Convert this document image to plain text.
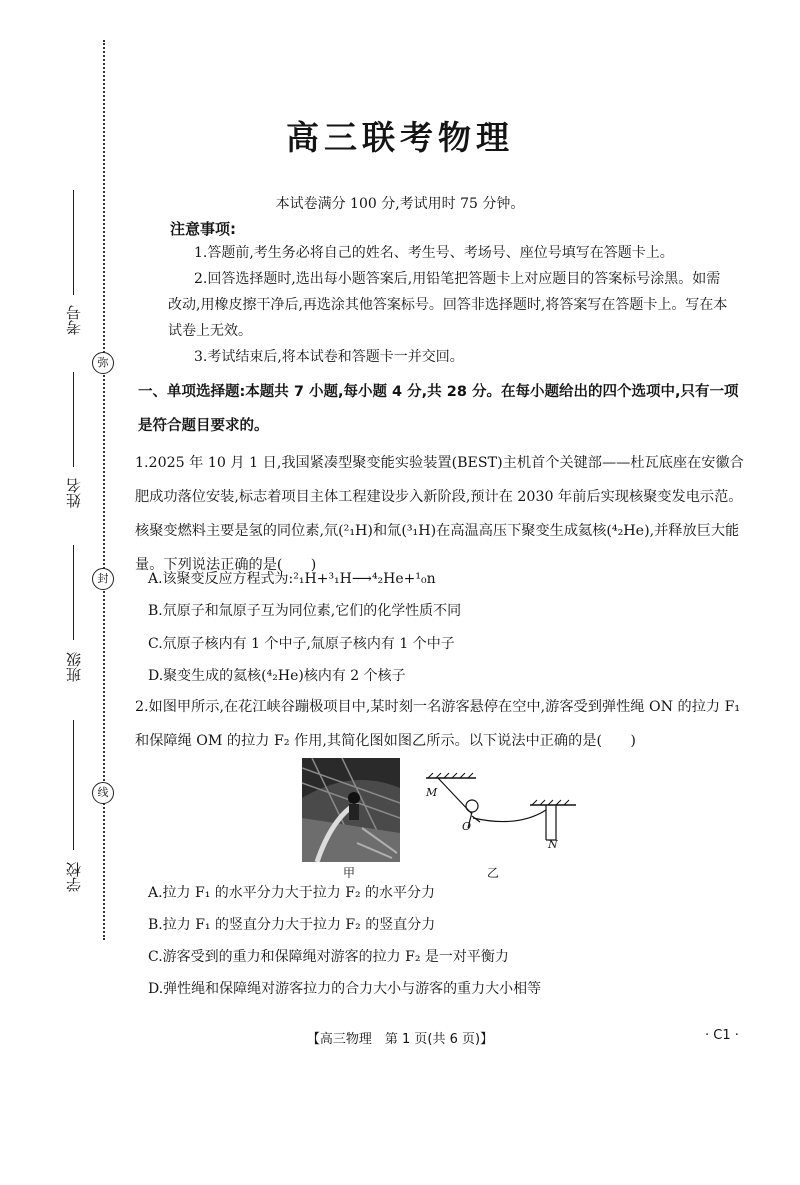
考号
姓名
班级
学校
弥
封
线
高三联考物理
本试卷满分 100 分,考试用时 75 分钟。
注意事项:

1.答题前,考生务必将自己的姓名、考生号、考场号、座位号填写在答题卡上。

2.回答选择题时,选出每小题答案后,用铅笔把答题卡上对应题目的答案标号涂黑。如需改动,用橡皮擦干净后,再选涂其他答案标号。回答非选择题时,将答案写在答题卡上。写在本试卷上无效。

3.考试结束后,将本试卷和答题卡一并交回。

一、单项选择题:本题共 7 小题,每小题 4 分,共 28 分。在每小题给出的四个选项中,只有一项是符合题目要求的。

1.2025 年 10 月 1 日,我国紧凑型聚变能实验装置(BEST)主机首个关键部——杜瓦底座在安徽合肥成功落位安装,标志着项目主体工程建设步入新阶段,预计在 2030 年前后实现核聚变发电示范。核聚变燃料主要是氢的同位素,氘(²₁H)和氚(³₁H)在高温高压下聚变生成氦核(⁴₂He),并释放巨大能量。下列说法正确的是(　　)

A.该聚变反应方程式为:²₁H+³₁H⟶⁴₂He+¹₀n
B.氘原子和氚原子互为同位素,它们的化学性质不同
C.氘原子核内有 1 个中子,氚原子核内有 1 个中子
D.聚变生成的氦核(⁴₂He)核内有 2 个核子

2.如图甲所示,在花江峡谷蹦极项目中,某时刻一名游客悬停在空中,游客受到弹性绳 ON 的拉力 F₁ 和保障绳 OM 的拉力 F₂ 作用,其简化图如图乙所示。以下说法中正确的是(　　)

甲
M
O
N
乙
A.拉力 F₁ 的水平分力大于拉力 F₂ 的水平分力
B.拉力 F₁ 的竖直分力大于拉力 F₂ 的竖直分力
C.游客受到的重力和保障绳对游客的拉力 F₂ 是一对平衡力
D.弹性绳和保障绳对游客拉力的合力大小与游客的重力大小相等
【高三物理　第 1 页(共 6 页)】	· C1 ·
